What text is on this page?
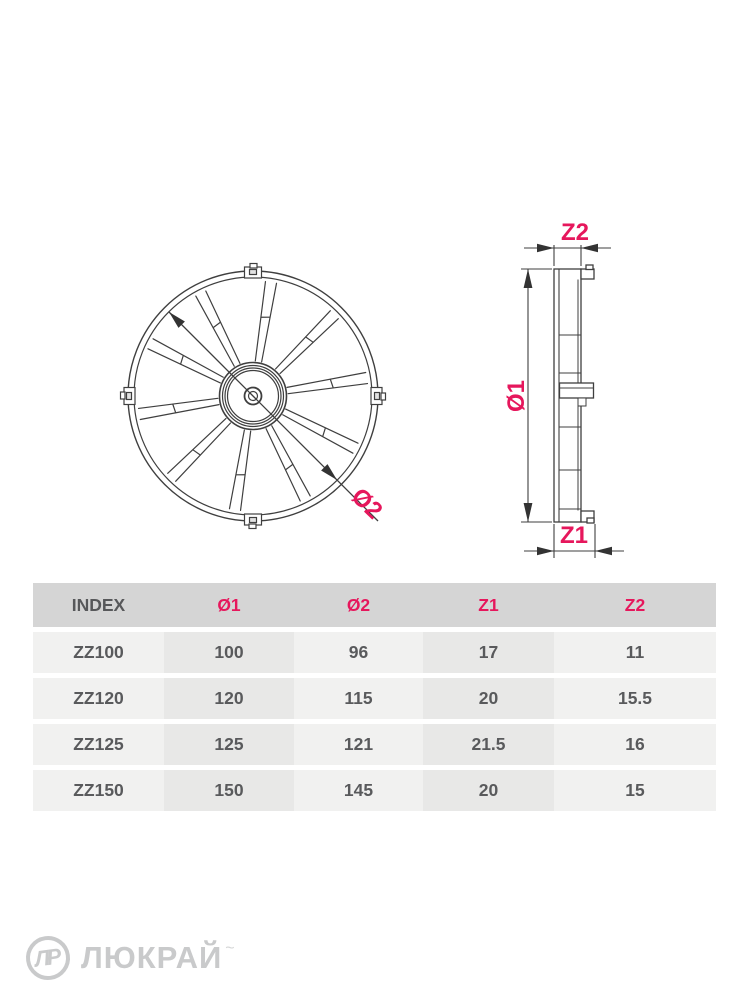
Ø2
Z2
Ø1
Z1
INDEX	Ø1	Ø2	Z1	Z2
ZZ100	100	96	17	11
ZZ120	120	115	20	15.5
ZZ125	125	121	21.5	16
ZZ150	150	145	20	15
ЛР ЛЮКРАЙ ~
